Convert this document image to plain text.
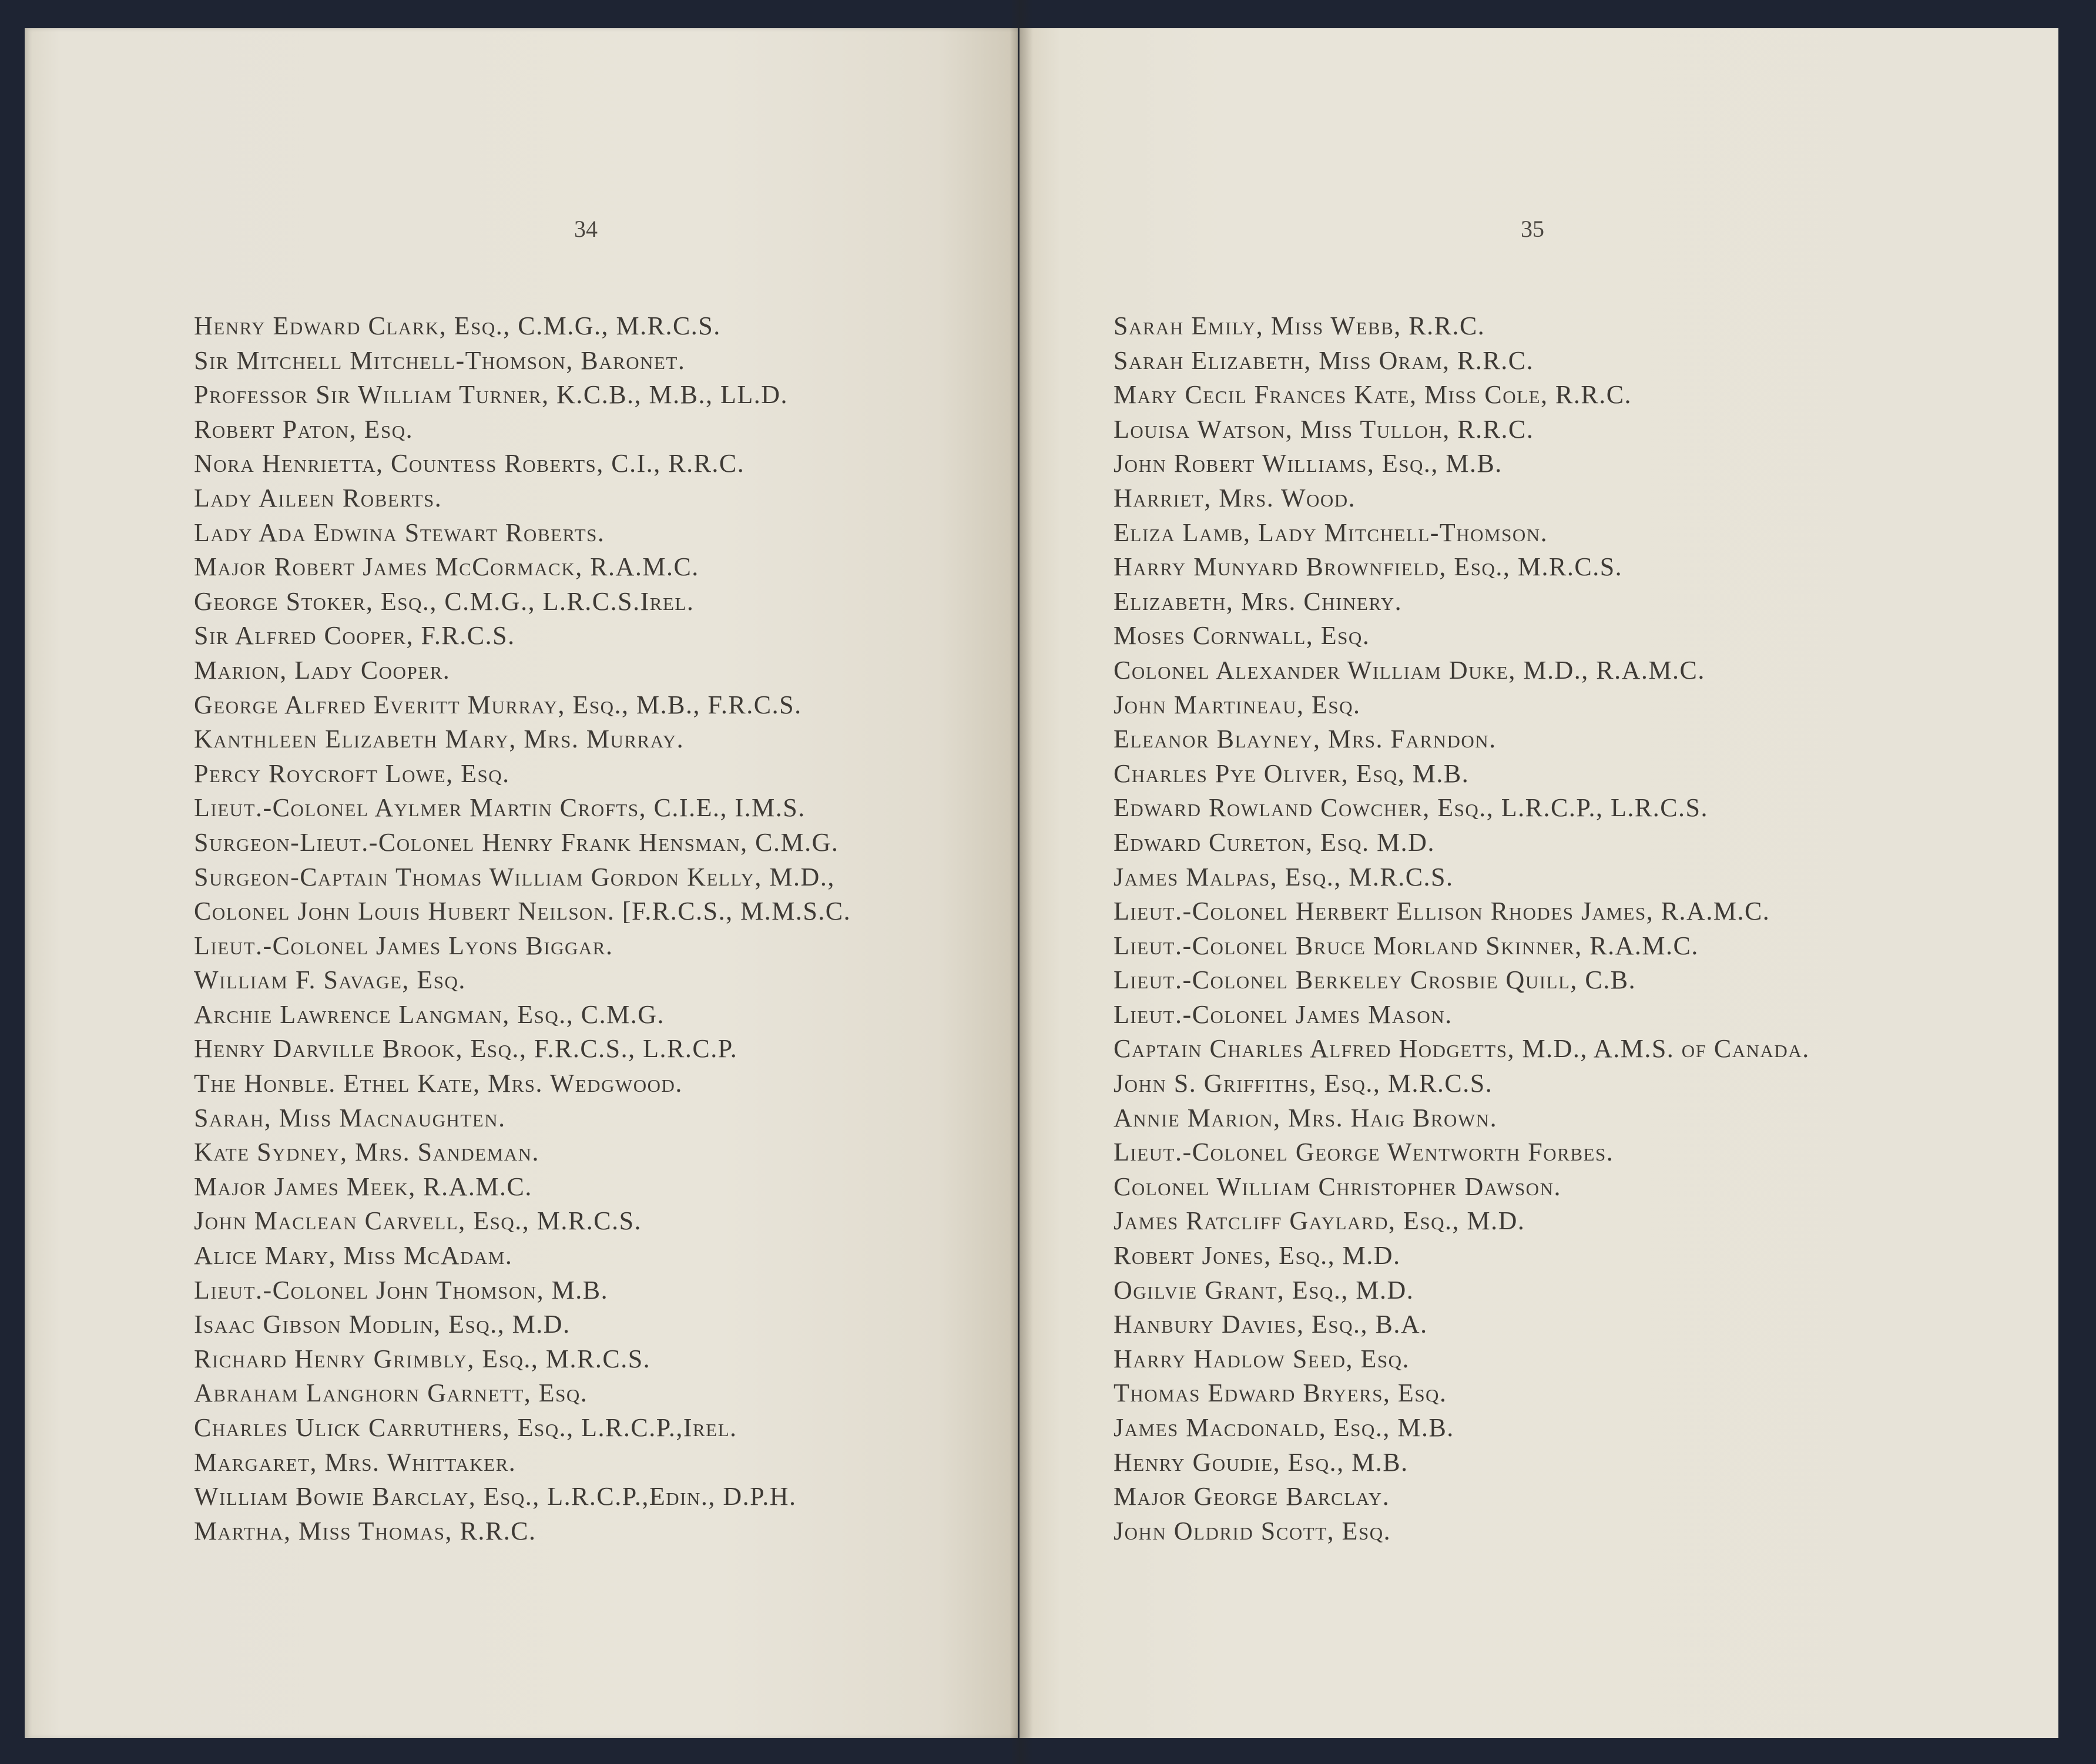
34
Henry Edward Clark, Esq., C.M.G., M.R.C.S.
Sir Mitchell Mitchell-Thomson, Baronet.
Professor Sir William Turner, K.C.B., M.B., LL.D.
Robert Paton, Esq.
Nora Henrietta, Countess Roberts, C.I., R.R.C.
Lady Aileen Roberts.
Lady Ada Edwina Stewart Roberts.
Major Robert James McCormack, R.A.M.C.
George Stoker, Esq., C.M.G., L.R.C.S.Irel.
Sir Alfred Cooper, F.R.C.S.
Marion, Lady Cooper.
George Alfred Everitt Murray, Esq., M.B., F.R.C.S.
Kanthleen Elizabeth Mary, Mrs. Murray.
Percy Roycroft Lowe, Esq.
Lieut.-Colonel Aylmer Martin Crofts, C.I.E., I.M.S.
Surgeon-Lieut.-Colonel Henry Frank Hensman, C.M.G.
Surgeon-Captain Thomas William Gordon Kelly, M.D.,
Colonel John Louis Hubert Neilson. [F.R.C.S., M.M.S.C.
Lieut.-Colonel James Lyons Biggar.
William F. Savage, Esq.
Archie Lawrence Langman, Esq., C.M.G.
Henry Darville Brook, Esq., F.R.C.S., L.R.C.P.
The Honble. Ethel Kate, Mrs. Wedgwood.
Sarah, Miss Macnaughten.
Kate Sydney, Mrs. Sandeman.
Major James Meek, R.A.M.C.
John Maclean Carvell, Esq., M.R.C.S.
Alice Mary, Miss McAdam.
Lieut.-Colonel John Thomson, M.B.
Isaac Gibson Modlin, Esq., M.D.
Richard Henry Grimbly, Esq., M.R.C.S.
Abraham Langhorn Garnett, Esq.
Charles Ulick Carruthers, Esq., L.R.C.P.,Irel.
Margaret, Mrs. Whittaker.
William Bowie Barclay, Esq., L.R.C.P.,Edin., D.P.H.
Martha, Miss Thomas, R.R.C.
35
Sarah Emily, Miss Webb, R.R.C.
Sarah Elizabeth, Miss Oram, R.R.C.
Mary Cecil Frances Kate, Miss Cole, R.R.C.
Louisa Watson, Miss Tulloh, R.R.C.
John Robert Williams, Esq., M.B.
Harriet, Mrs. Wood.
Eliza Lamb, Lady Mitchell-Thomson.
Harry Munyard Brownfield, Esq., M.R.C.S.
Elizabeth, Mrs. Chinery.
Moses Cornwall, Esq.
Colonel Alexander William Duke, M.D., R.A.M.C.
John Martineau, Esq.
Eleanor Blayney, Mrs. Farndon.
Charles Pye Oliver, Esq, M.B.
Edward Rowland Cowcher, Esq., L.R.C.P., L.R.C.S.
Edward Cureton, Esq. M.D.
James Malpas, Esq., M.R.C.S.
Lieut.-Colonel Herbert Ellison Rhodes James, R.A.M.C.
Lieut.-Colonel Bruce Morland Skinner, R.A.M.C.
Lieut.-Colonel Berkeley Crosbie Quill, C.B.
Lieut.-Colonel James Mason.
Captain Charles Alfred Hodgetts, M.D., A.M.S. of Canada.
John S. Griffiths, Esq., M.R.C.S.
Annie Marion, Mrs. Haig Brown.
Lieut.-Colonel George Wentworth Forbes.
Colonel William Christopher Dawson.
James Ratcliff Gaylard, Esq., M.D.
Robert Jones, Esq., M.D.
Ogilvie Grant, Esq., M.D.
Hanbury Davies, Esq., B.A.
Harry Hadlow Seed, Esq.
Thomas Edward Bryers, Esq.
James Macdonald, Esq., M.B.
Henry Goudie, Esq., M.B.
Major George Barclay.
John Oldrid Scott, Esq.
